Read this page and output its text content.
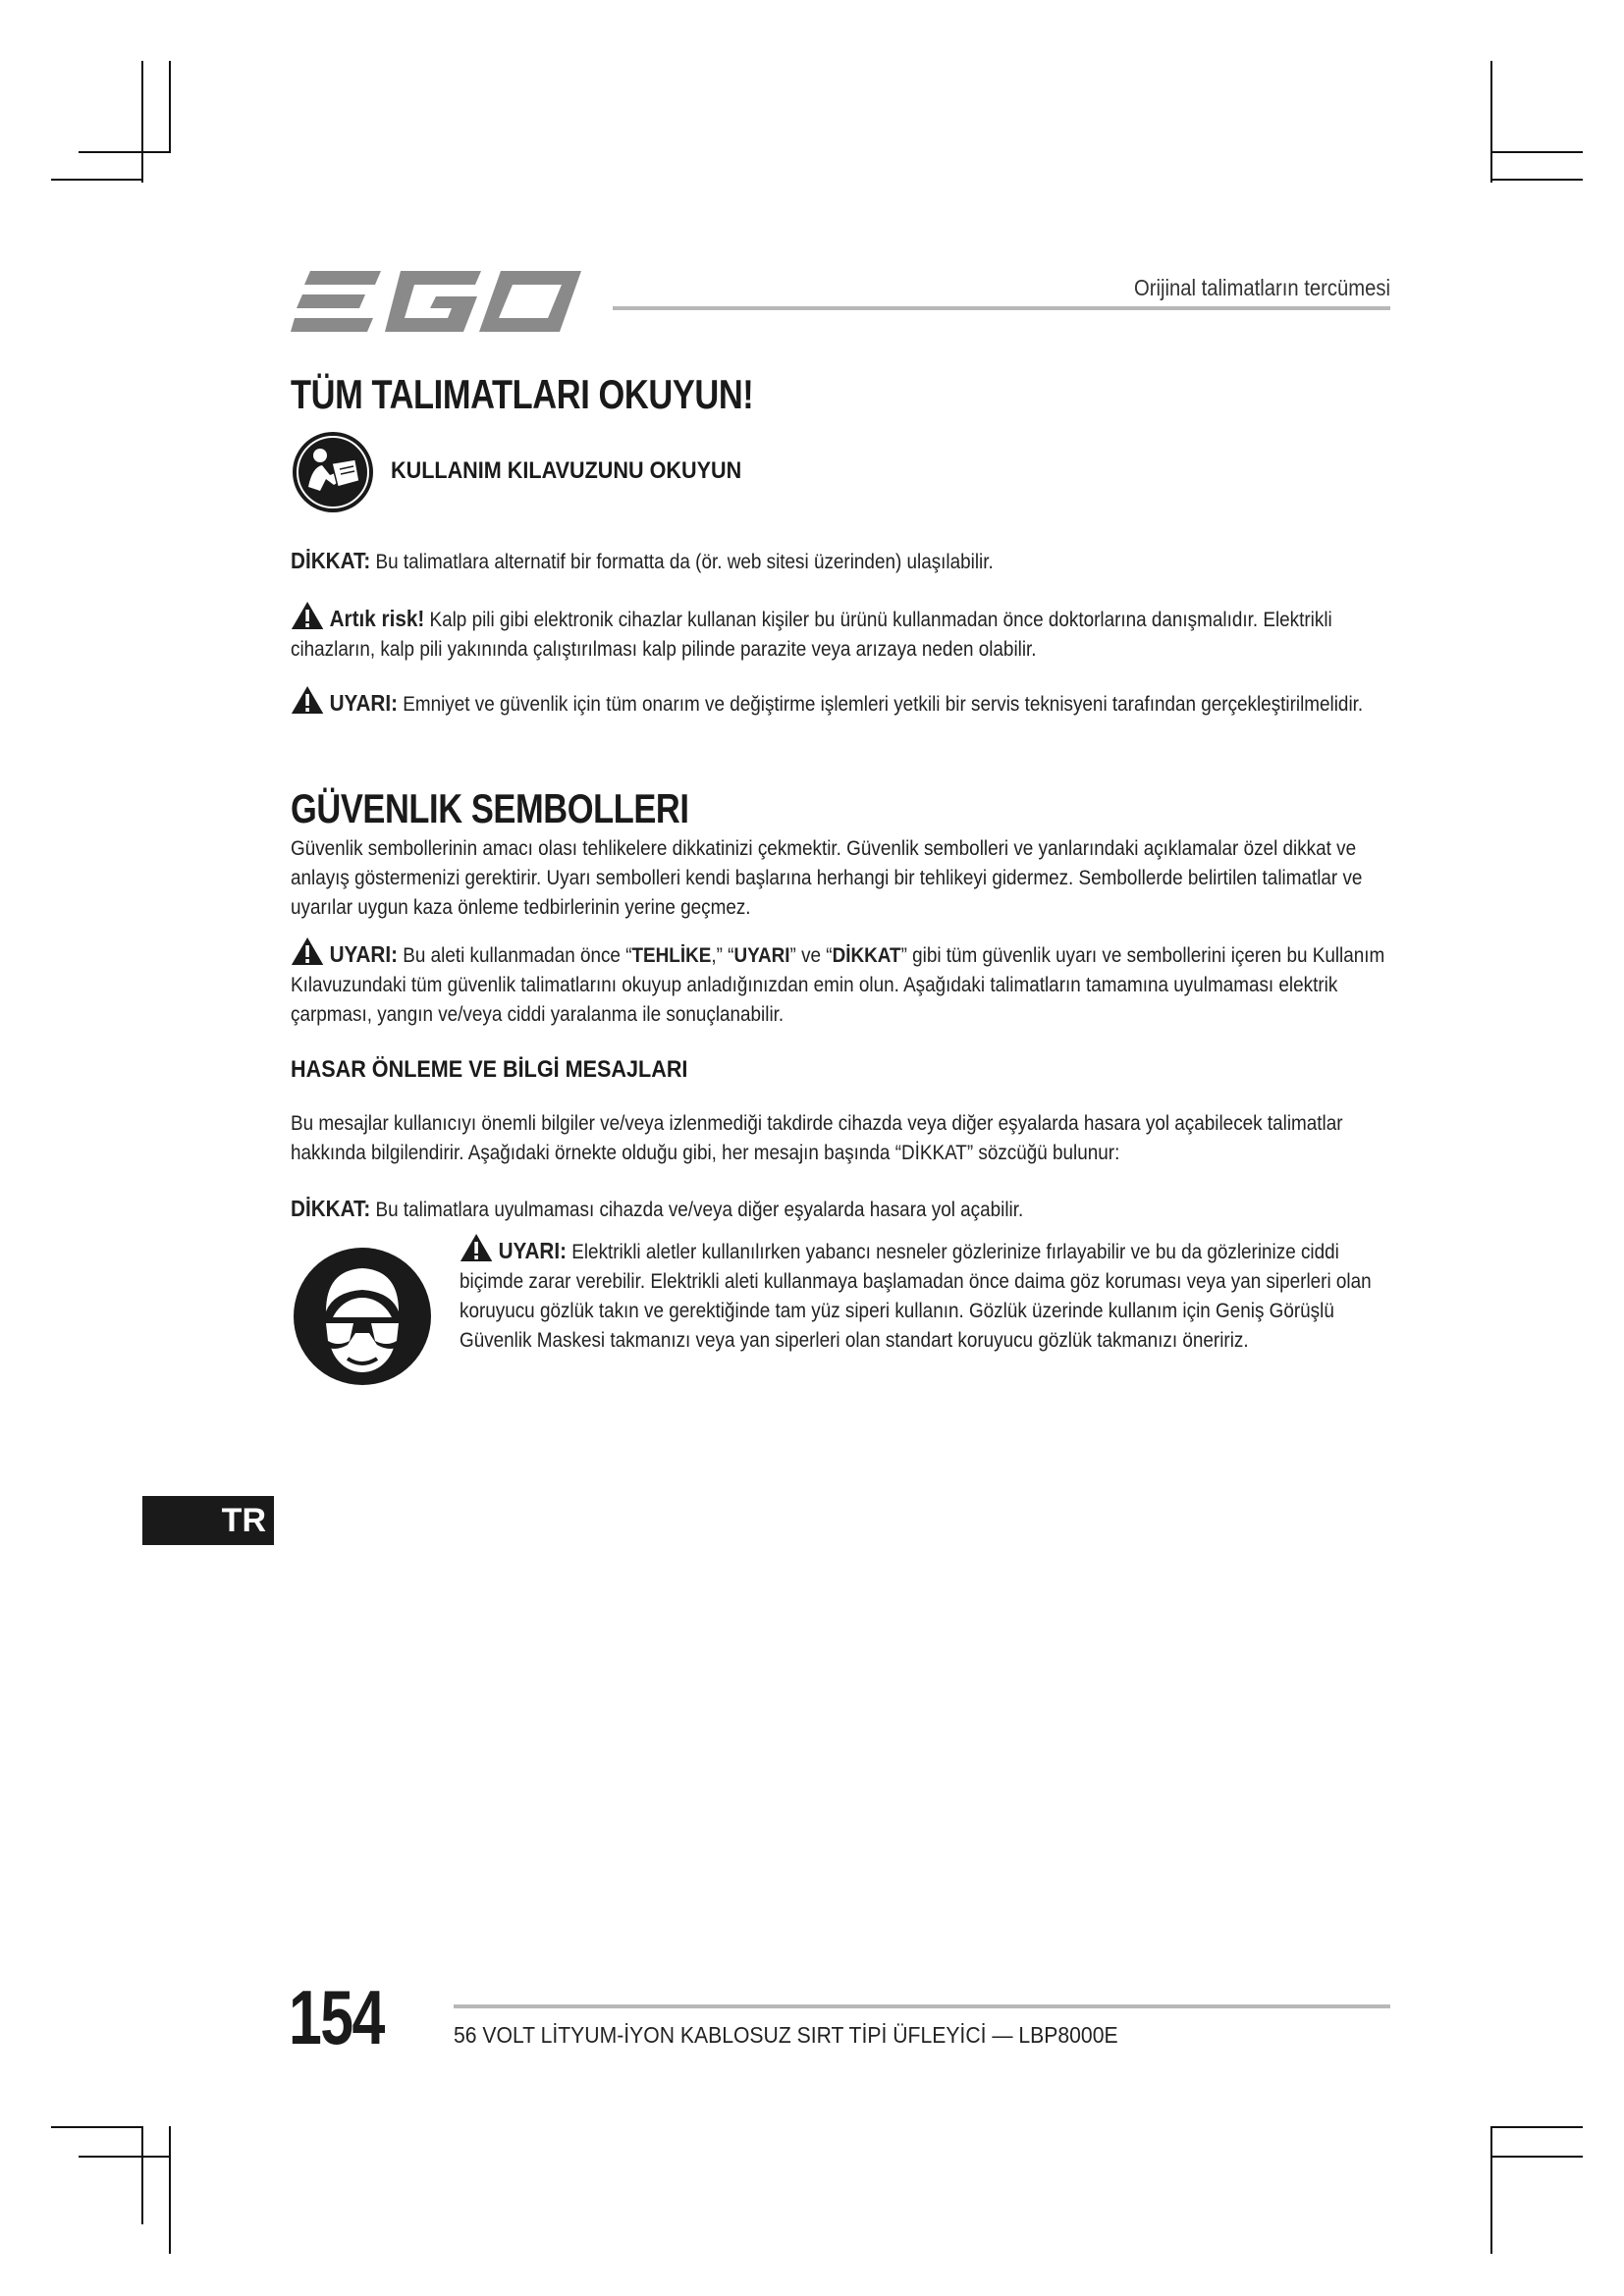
Orijinal talimatların tercümesi
TÜM TALIMATLARI OKUYUN!
KULLANIM KILAVUZUNU OKUYUN
DİKKAT: Bu talimatlara alternatif bir formatta da (ör. web sitesi üzerinden) ulaşılabilir.
Artık risk! Kalp pili gibi elektronik cihazlar kullanan kişiler bu ürünü kullanmadan önce doktorlarına danışmalıdır. Elektrikli cihazların, kalp pili yakınında çalıştırılması kalp pilinde parazite veya arızaya neden olabilir.
UYARI: Emniyet ve güvenlik için tüm onarım ve değiştirme işlemleri yetkili bir servis teknisyeni tarafından gerçekleştirilmelidir.
GÜVENLIK SEMBOLLERI
Güvenlik sembollerinin amacı olası tehlikelere dikkatinizi çekmektir. Güvenlik sembolleri ve yanlarındaki açıklamalar özel dikkat ve anlayış göstermenizi gerektirir. Uyarı sembolleri kendi başlarına herhangi bir tehlikeyi gidermez. Sembollerde belirtilen talimatlar ve uyarılar uygun kaza önleme tedbirlerinin yerine geçmez.
UYARI: Bu aleti kullanmadan önce “TEHLİKE,” “UYARI” ve “DİKKAT” gibi tüm güvenlik uyarı ve sembollerini içeren bu Kullanım Kılavuzundaki tüm güvenlik talimatlarını okuyup anladığınızdan emin olun. Aşağıdaki talimatların tamamına uyulmaması elektrik çarpması, yangın ve/veya ciddi yaralanma ile sonuçlanabilir.
HASAR ÖNLEME VE BİLGİ MESAJLARI
Bu mesajlar kullanıcıyı önemli bilgiler ve/veya izlenmediği takdirde cihazda veya diğer eşyalarda hasara yol açabilecek talimatlar hakkında bilgilendirir. Aşağıdaki örnekte olduğu gibi, her mesajın başında “DİKKAT” sözcüğü bulunur:
DİKKAT: Bu talimatlara uyulmaması cihazda ve/veya diğer eşyalarda hasara yol açabilir.
UYARI: Elektrikli aletler kullanılırken yabancı nesneler gözlerinize fırlayabilir ve bu da gözlerinize ciddi biçimde zarar verebilir. Elektrikli aleti kullanmaya başlamadan önce daima göz koruması veya yan siperleri olan koruyucu gözlük takın ve gerektiğinde tam yüz siperi kullanın. Gözlük üzerinde kullanım için Geniş Görüşlü Güvenlik Maskesi takmanızı veya yan siperleri olan standart koruyucu gözlük takmanızı öneririz.
TR
154	56 VOLT LİTYUM-İYON KABLOSUZ SIRT TİPİ ÜFLEYİCİ — LBP8000E
